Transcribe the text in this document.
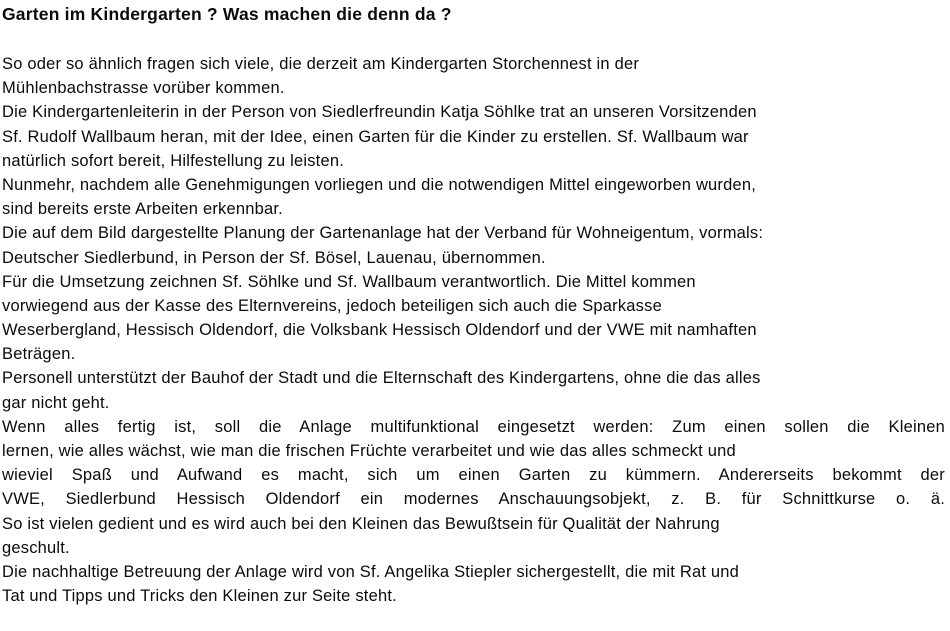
Garten im Kindergarten ? Was machen die denn da ?
So oder so ähnlich fragen sich viele, die derzeit am Kindergarten Storchennest in der
Mühlenbachstrasse vorüber kommen.
Die Kindergartenleiterin in der Person von Siedlerfreundin Katja Söhlke trat an unseren Vorsitzenden
Sf. Rudolf Wallbaum heran, mit der Idee, einen Garten für die Kinder zu erstellen. Sf. Wallbaum war
natürlich sofort bereit, Hilfestellung zu leisten.
Nunmehr, nachdem alle Genehmigungen vorliegen und die notwendigen Mittel eingeworben wurden,
sind bereits erste Arbeiten erkennbar.
Die auf dem Bild dargestellte Planung der Gartenanlage hat der Verband für Wohneigentum, vormals:
Deutscher Siedlerbund, in Person der Sf. Bösel, Lauenau, übernommen.
Für die Umsetzung zeichnen Sf. Söhlke und Sf. Wallbaum verantwortlich. Die Mittel kommen
vorwiegend aus der Kasse des Elternvereins, jedoch beteiligen sich auch die Sparkasse
Weserbergland, Hessisch Oldendorf, die Volksbank Hessisch Oldendorf und der VWE mit namhaften
Beträgen.
Personell unterstützt der Bauhof der Stadt und die Elternschaft des Kindergartens, ohne die das alles
gar nicht geht.
Wenn alles fertig ist, soll die Anlage multifunktional eingesetzt werden: Zum einen sollen die Kleinen
lernen, wie alles wächst, wie man die frischen Früchte verarbeitet und wie das alles schmeckt und
wieviel Spaß und Aufwand es macht, sich um einen Garten zu kümmern. Andererseits bekommt der
VWE, Siedlerbund Hessisch Oldendorf ein modernes Anschauungsobjekt, z. B. für Schnittkurse o. ä.
So ist vielen gedient und es wird auch bei den Kleinen das Bewußtsein für Qualität der Nahrung
geschult.
Die nachhaltige Betreuung der Anlage wird von Sf. Angelika Stiepler sichergestellt, die mit Rat und
Tat und Tipps und Tricks den Kleinen zur Seite steht.
